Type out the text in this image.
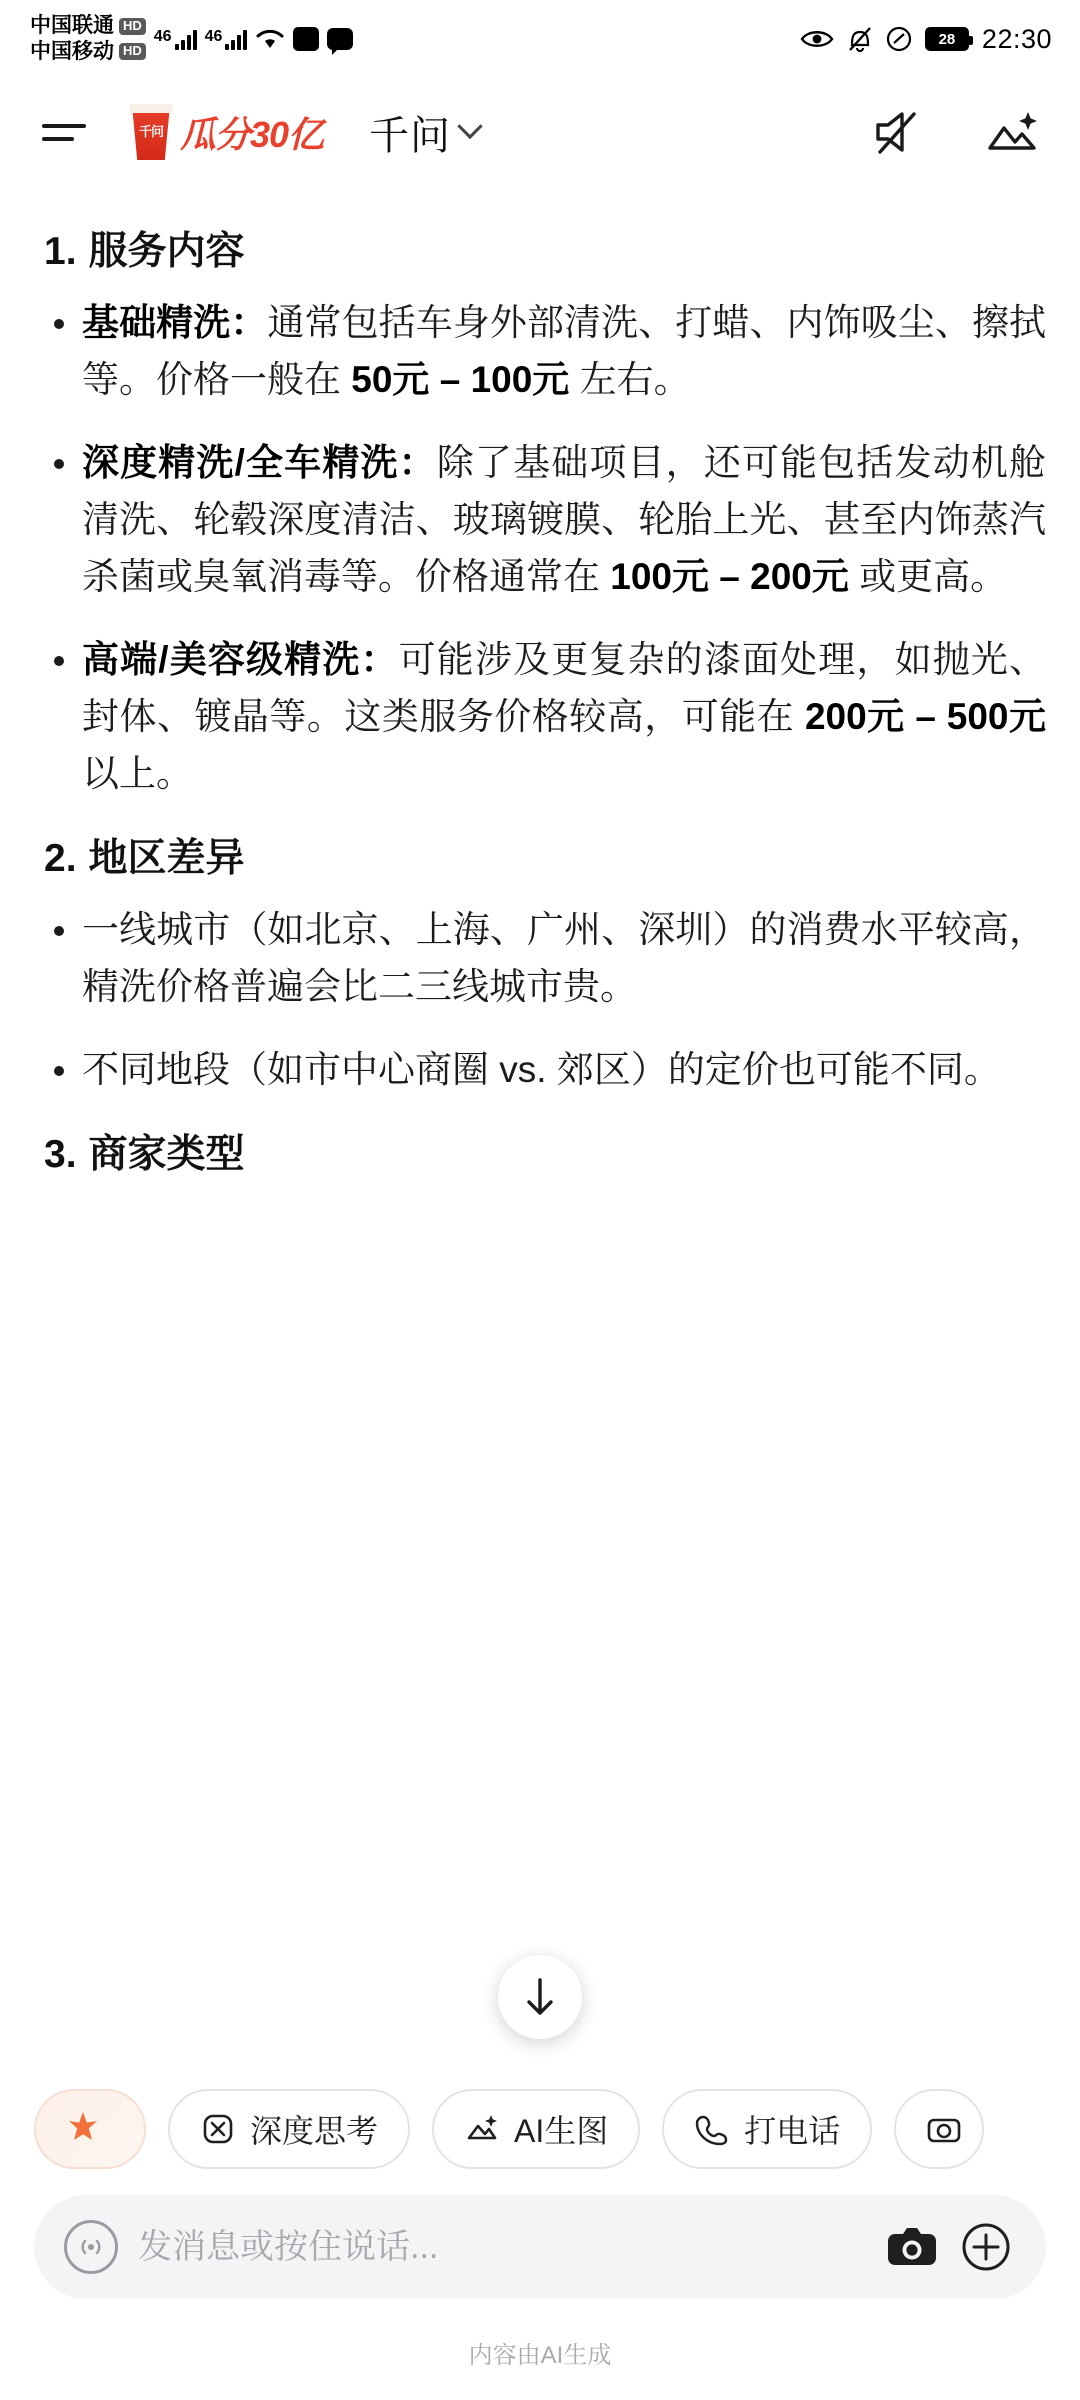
中国联通 HD
中国移动 HD
46 46	28 22:30
千问 瓜分30亿 千问
1. 服务内容
基础精洗：通常包括车身外部清洗、打蜡、内饰吸尘、擦拭等。价格一般在 50元 – 100元 左右。
深度精洗/全车精洗：除了基础项目，还可能包括发动机舱清洗、轮毂深度清洁、玻璃镀膜、轮胎上光、甚至内饰蒸汽杀菌或臭氧消毒等。价格通常在 100元 – 200元 或更高。
高端/美容级精洗：可能涉及更复杂的漆面处理，如抛光、封体、镀晶等。这类服务价格较高，可能在 200元 – 500元 以上。
2. 地区差异
一线城市（如北京、上海、广州、深圳）的消费水平较高，精洗价格普遍会比二三线城市贵。
不同地段（如市中心商圈 vs. 郊区）的定价也可能不同。
3. 商家类型
深度思考	AI生图	打电话
发消息或按住说话...
内容由AI生成
